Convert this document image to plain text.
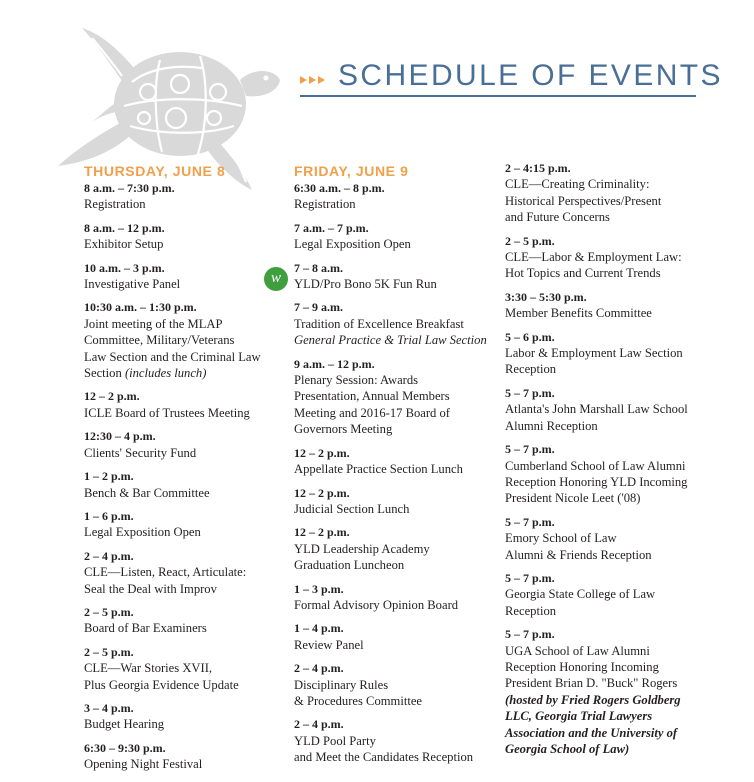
SCHEDULE OF EVENTS
w
THURSDAY, JUNE 8
8 a.m. – 7:30 p.m.
Registration
8 a.m. – 12 p.m.
Exhibitor Setup
10 a.m. – 3 p.m.
Investigative Panel
10:30 a.m. – 1:30 p.m.
Joint meeting of the MLAP
Committee, Military/Veterans
Law Section and the Criminal Law
Section (includes lunch)
12 – 2 p.m.
ICLE Board of Trustees Meeting
12:30 – 4 p.m.
Clients' Security Fund
1 – 2 p.m.
Bench & Bar Committee
1 – 6 p.m.
Legal Exposition Open
2 – 4 p.m.
CLE—Listen, React, Articulate:
Seal the Deal with Improv
2 – 5 p.m.
Board of Bar Examiners
2 – 5 p.m.
CLE—War Stories XVII,
Plus Georgia Evidence Update
3 – 4 p.m.
Budget Hearing
6:30 – 9:30 p.m.
Opening Night Festival
FRIDAY, JUNE 9
6:30 a.m. – 8 p.m.
Registration
7 a.m. – 7 p.m.
Legal Exposition Open
7 – 8 a.m.
YLD/Pro Bono 5K Fun Run
7 – 9 a.m.
Tradition of Excellence Breakfast
General Practice & Trial Law Section
9 a.m. – 12 p.m.
Plenary Session: Awards
Presentation, Annual Members
Meeting and 2016-17 Board of
Governors Meeting
12 – 2 p.m.
Appellate Practice Section Lunch
12 – 2 p.m.
Judicial Section Lunch
12 – 2 p.m.
YLD Leadership Academy
Graduation Luncheon
1 – 3 p.m.
Formal Advisory Opinion Board
1 – 4 p.m.
Review Panel
2 – 4 p.m.
Disciplinary Rules
& Procedures Committee
2 – 4 p.m.
YLD Pool Party
and Meet the Candidates Reception
2 – 4:15 p.m.
CLE—Creating Criminality:
Historical Perspectives/Present
and Future Concerns
2 – 5 p.m.
CLE—Labor & Employment Law:
Hot Topics and Current Trends
3:30 – 5:30 p.m.
Member Benefits Committee
5 – 6 p.m.
Labor & Employment Law Section
Reception
5 – 7 p.m.
Atlanta's John Marshall Law School
Alumni Reception
5 – 7 p.m.
Cumberland School of Law Alumni
Reception Honoring YLD Incoming
President Nicole Leet ('08)
5 – 7 p.m.
Emory School of Law
Alumni & Friends Reception
5 – 7 p.m.
Georgia State College of Law
Reception
5 – 7 p.m.
UGA School of Law Alumni
Reception Honoring Incoming
President Brian D. "Buck" Rogers
(hosted by Fried Rogers Goldberg
LLC, Georgia Trial Lawyers
Association and the University of
Georgia School of Law)
